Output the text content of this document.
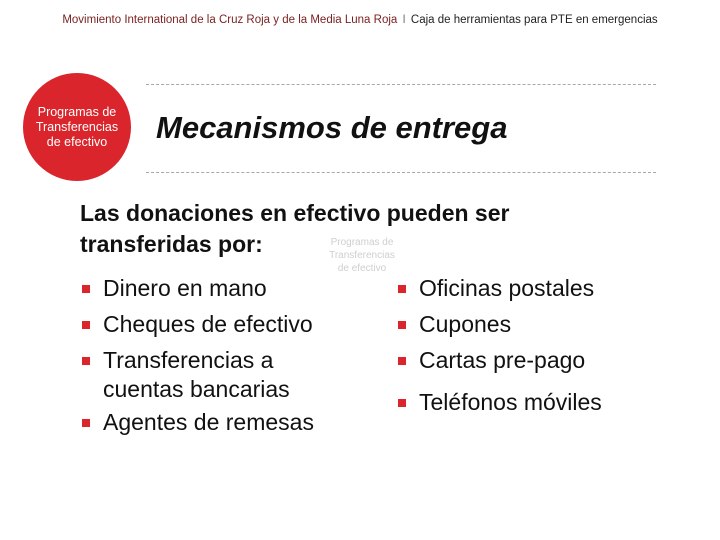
Movimiento International de la Cruz Roja y de la Media Luna Roja I Caja de herramientas para PTE en emergencias
Programas de
Transferencias
de efectivo Mecanismos de entrega
Las donaciones en efectivo pueden ser
transferidas por:	Programas de
Transferencias
de efectivo
Dinero en mano
Cheques de efectivo
Transferencias a
cuentas bancarias
Agentes de remesas
Oficinas postales
Cupones
Cartas pre-pago
Teléfonos móviles
